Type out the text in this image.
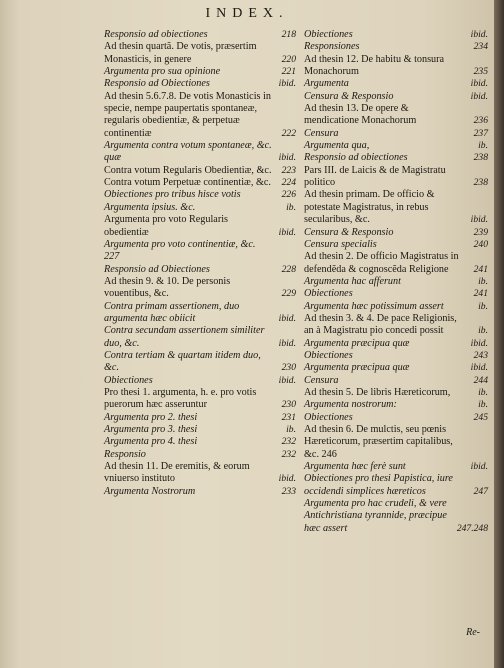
INDEX.
Responsio ad obiectiones	218
Ad thesin quartã. De votis, præsertim Monasticis, in genere	220
Argumenta pro sua opinione	221
Responsio ad Obiectiones	ibid.
Ad thesin 5.6.7.8. De votis Monasticis in specie, nempe paupertatis spontaneæ, regularis obedientiæ, & perpetuæ continentiæ	222
Argumenta contra votum spontaneæ, &c. quæ	ibid.
Contra votum Regularis Obedientiæ, &c. 223
Contra votum Perpetuæ continentiæ, &c. 224
Obiectiones pro tribus hisce votis	226
Argumenta ipsius. &c.	ib.
Argumenta pro voto Regularis obedientiæ	ibid.
Argumenta pro voto continentiæ, &c. 227
Responsio ad Obiectiones	228
Ad thesin 9. & 10. De personis vouentibus, &c.	229
Contra primam assertionem, duo argumenta hæc obiicit	ibid.
Contra secundam assertionem similiter duo, &c.	ibid.
Contra tertiam & quartam itidem duo, &c.	230
Obiectiones	ibid.
Pro thesi 1. argumenta, h. e. pro votis puerorum hæc asseruntur	230
Argumenta pro 2. thesi	231
Argumenta pro 3. thesi	ib.
Argumenta pro 4. thesi	232
Responsio	232
Ad thesin 11. De eremitis, & eorum vniuerso instituto	ibid.
Argumenta Nostrorum	233
Obiectiones	ibid.
Responsiones	234
Ad thesin 12. De habitu & tonsura Monachorum	235
Argumenta	ibid.
Censura & Responsio	ibid.
Ad thesin 13. De opere & mendicatione Monachorum	236
Censura	237
Argumenta qua,	ib.
Responsio ad obiectiones	238
Pars III. de Laicis & de Magistratu politico	238
Ad thesin primam. De officio & potestate Magistratus, in rebus secularibus, &c.	ibid.
Censura & Responsio	239
Censura specialis	240
Ad thesin 2. De officio Magistratus in defendẽda & cognoscẽda Religione	241
Argumenta hac afferunt	ib.
Obiectiones	241
Argumenta hæc potissimum assert	ib.
Ad thesin 3. & 4. De pace Religionis, an à Magistratu pio concedi possit	ib.
Argumenta præcipua quæ	ibid.
Obiectiones	243
Argumenta præcipua quæ	ibid.
Censura	244
Ad thesin 5. De libris Hæreticorum,	ib.
Argumenta nostrorum:	ib.
Obiectiones	245
Ad thesin 6. De mulctis, seu pœnis Hæreticorum, præsertim capitalibus, &c. 246
Argumenta hæc ferè sunt	ibid.
Obiectiones pro thesi Papistica, iure occidendi simplices hæreticos	247
Argumenta pro hac crudeli, & vere Antichristiana tyrannide, præcipue hæc assert	247.248
Re-
